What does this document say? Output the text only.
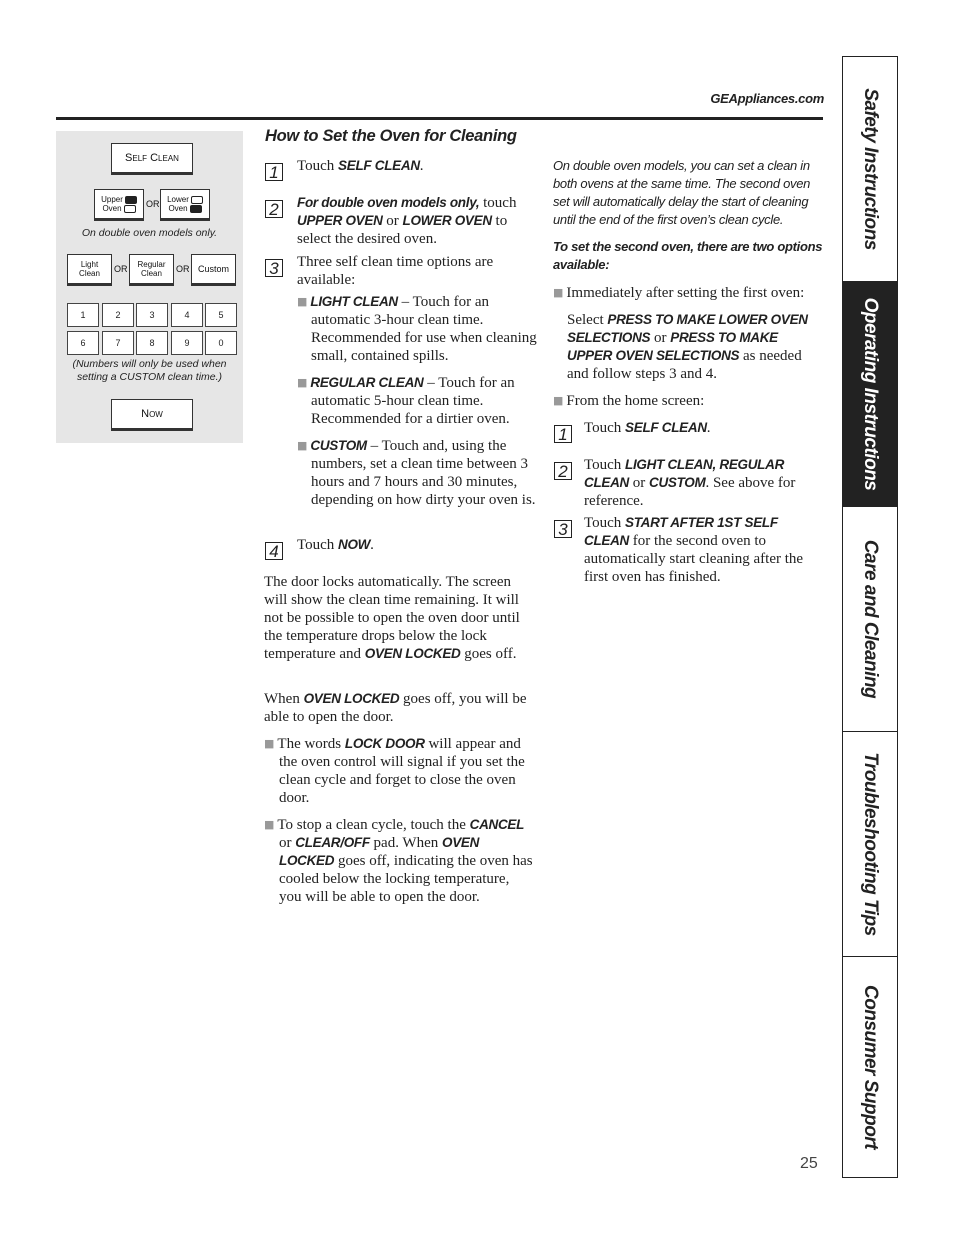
GEAppliances.com
Self Clean
Upper
Oven	OR Lower
Oven
On double oven models only.
Light
Clean OR Regular
Clean OR Custom
1	2	3	4	5
6	7	8	9	0
(Numbers will only be used when
setting a CUSTOM clean time.)
Now
How to Set the Oven for Cleaning
1 Touch SELF CLEAN.

2	For double oven models only, touch UPPER OVEN or LOWER OVEN to select the desired oven.

3 Three self clean time options are available:

■ LIGHT CLEAN – Touch for an automatic 3-hour clean time. Recommended for use when cleaning small, contained spills.

■ REGULAR CLEAN – Touch for an automatic 5-hour clean time. Recommended for a dirtier oven.

■ CUSTOM – Touch and, using the numbers, set a clean time between 3 hours and 7 hours and 30 minutes, depending on how dirty your oven is.

4 Touch NOW.

The door locks automatically. The screen will show the clean time remaining. It will not be possible to open the oven door until the temperature drops below the lock temperature and OVEN LOCKED goes off.

When OVEN LOCKED goes off, you will be able to open the door.

■ The words LOCK DOOR will appear and the oven control will signal if you set the clean cycle and forget to close the oven door.

■ To stop a clean cycle, touch the CANCEL or CLEAR/OFF pad. When OVEN LOCKED goes off, indicating the oven has cooled below the locking temperature, you will be able to open the door.

On double oven models, you can set a clean in both ovens at the same time. The second oven set will automatically delay the start of cleaning until the end of the first oven’s clean cycle.

To set the second oven, there are two options available:

■ Immediately after setting the first oven:

Select PRESS TO MAKE LOWER OVEN SELECTIONS or PRESS TO MAKE UPPER OVEN SELECTIONS as needed and follow steps 3 and 4.

■ From the home screen:

1 Touch SELF CLEAN.

2 Touch LIGHT CLEAN, REGULAR CLEAN or CUSTOM. See above for reference.

3 Touch START AFTER 1ST SELF CLEAN for the second oven to automatically start cleaning after the first oven has finished.

Safety Instructions
Operating Instructions
Care and Cleaning
Troubleshooting Tips
Consumer Support
25
